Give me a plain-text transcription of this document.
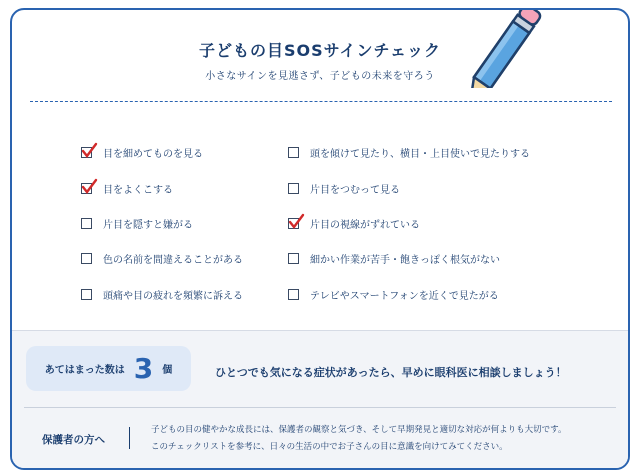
子どもの目SOSサインチェック
小さなサインを見逃さず、子どもの未来を守ろう
目を細めてものを見る
目をよくこする
片目を隠すと嫌がる
色の名前を間違えることがある
頭痛や目の疲れを頻繁に訴える
頭を傾けて見たり、横目・上目使いで見たりする
片目をつむって見る
片目の視線がずれている
細かい作業が苦手・飽きっぽく根気がない
テレビやスマートフォンを近くで見たがる
あてはまった数は 3 個	ひとつでも気になる症状があったら、早めに眼科医に相談しましょう！
保護者の方へ
子どもの目の健やかな成長には、保護者の観察と気づき、そして早期発見と適切な対応が何よりも大切です。
このチェックリストを参考に、日々の生活の中でお子さんの目に意識を向けてみてください。
